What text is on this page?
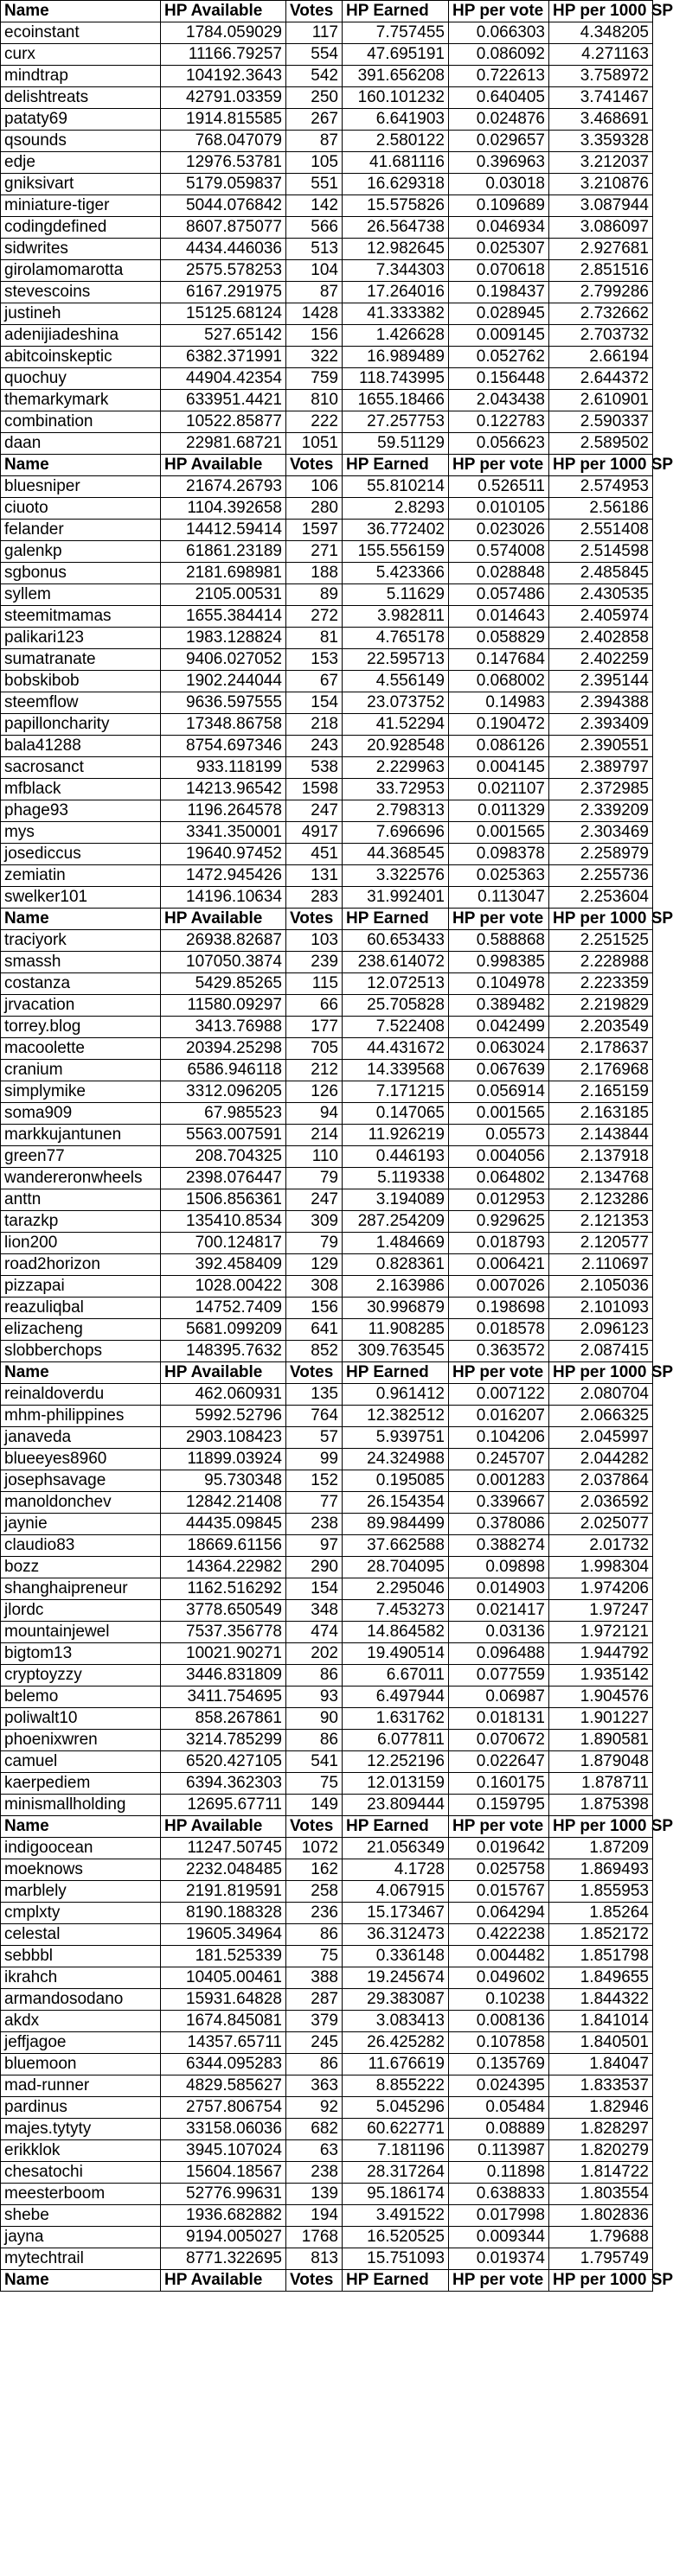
Name	HP Available	Votes	HP Earned	HP per vote	HP per 1000 SP
ecoinstant	1784.059029	117	7.757455	0.066303	4.348205
curx	11166.79257	554	47.695191	0.086092	4.271163
mindtrap	104192.3643	542	391.656208	0.722613	3.758972
delishtreats	42791.03359	250	160.101232	0.640405	3.741467
pataty69	1914.815585	267	6.641903	0.024876	3.468691
qsounds	768.047079	87	2.580122	0.029657	3.359328
edje	12976.53781	105	41.681116	0.396963	3.212037
gniksivart	5179.059837	551	16.629318	0.03018	3.210876
miniature-tiger	5044.076842	142	15.575826	0.109689	3.087944
codingdefined	8607.875077	566	26.564738	0.046934	3.086097
sidwrites	4434.446036	513	12.982645	0.025307	2.927681
girolamomarotta	2575.578253	104	7.344303	0.070618	2.851516
stevescoins	6167.291975	87	17.264016	0.198437	2.799286
justineh	15125.68124	1428	41.333382	0.028945	2.732662
adenijiadeshina	527.65142	156	1.426628	0.009145	2.703732
abitcoinskeptic	6382.371991	322	16.989489	0.052762	2.66194
quochuy	44904.42354	759	118.743995	0.156448	2.644372
themarkymark	633951.4421	810	1655.18466	2.043438	2.610901
combination	10522.85877	222	27.257753	0.122783	2.590337
daan	22981.68721	1051	59.51129	0.056623	2.589502
Name	HP Available	Votes	HP Earned	HP per vote	HP per 1000 SP
bluesniper	21674.26793	106	55.810214	0.526511	2.574953
ciuoto	1104.392658	280	2.8293	0.010105	2.56186
felander	14412.59414	1597	36.772402	0.023026	2.551408
galenkp	61861.23189	271	155.556159	0.574008	2.514598
sgbonus	2181.698981	188	5.423366	0.028848	2.485845
syllem	2105.00531	89	5.11629	0.057486	2.430535
steemitmamas	1655.384414	272	3.982811	0.014643	2.405974
palikari123	1983.128824	81	4.765178	0.058829	2.402858
sumatranate	9406.027052	153	22.595713	0.147684	2.402259
bobskibob	1902.244044	67	4.556149	0.068002	2.395144
steemflow	9636.597555	154	23.073752	0.14983	2.394388
papilloncharity	17348.86758	218	41.52294	0.190472	2.393409
bala41288	8754.697346	243	20.928548	0.086126	2.390551
sacrosanct	933.118199	538	2.229963	0.004145	2.389797
mfblack	14213.96542	1598	33.72953	0.021107	2.372985
phage93	1196.264578	247	2.798313	0.011329	2.339209
mys	3341.350001	4917	7.696696	0.001565	2.303469
josediccus	19640.97452	451	44.368545	0.098378	2.258979
zemiatin	1472.945426	131	3.322576	0.025363	2.255736
swelker101	14196.10634	283	31.992401	0.113047	2.253604
Name	HP Available	Votes	HP Earned	HP per vote	HP per 1000 SP
traciyork	26938.82687	103	60.653433	0.588868	2.251525
smassh	107050.3874	239	238.614072	0.998385	2.228988
costanza	5429.85265	115	12.072513	0.104978	2.223359
jrvacation	11580.09297	66	25.705828	0.389482	2.219829
torrey.blog	3413.76988	177	7.522408	0.042499	2.203549
macoolette	20394.25298	705	44.431672	0.063024	2.178637
cranium	6586.946118	212	14.339568	0.067639	2.176968
simplymike	3312.096205	126	7.171215	0.056914	2.165159
soma909	67.985523	94	0.147065	0.001565	2.163185
markkujantunen	5563.007591	214	11.926219	0.05573	2.143844
green77	208.704325	110	0.446193	0.004056	2.137918
wandereronwheels	2398.076447	79	5.119338	0.064802	2.134768
anttn	1506.856361	247	3.194089	0.012953	2.123286
tarazkp	135410.8534	309	287.254209	0.929625	2.121353
lion200	700.124817	79	1.484669	0.018793	2.120577
road2horizon	392.458409	129	0.828361	0.006421	2.110697
pizzapai	1028.00422	308	2.163986	0.007026	2.105036
reazuliqbal	14752.7409	156	30.996879	0.198698	2.101093
elizacheng	5681.099209	641	11.908285	0.018578	2.096123
slobberchops	148395.7632	852	309.763545	0.363572	2.087415
Name	HP Available	Votes	HP Earned	HP per vote	HP per 1000 SP
reinaldoverdu	462.060931	135	0.961412	0.007122	2.080704
mhm-philippines	5992.52796	764	12.382512	0.016207	2.066325
janaveda	2903.108423	57	5.939751	0.104206	2.045997
blueeyes8960	11899.03924	99	24.324988	0.245707	2.044282
josephsavage	95.730348	152	0.195085	0.001283	2.037864
manoldonchev	12842.21408	77	26.154354	0.339667	2.036592
jaynie	44435.09845	238	89.984499	0.378086	2.025077
claudio83	18669.61156	97	37.662588	0.388274	2.01732
bozz	14364.22982	290	28.704095	0.09898	1.998304
shanghaipreneur	1162.516292	154	2.295046	0.014903	1.974206
jlordc	3778.650549	348	7.453273	0.021417	1.97247
mountainjewel	7537.356778	474	14.864582	0.03136	1.972121
bigtom13	10021.90271	202	19.490514	0.096488	1.944792
cryptoyzzy	3446.831809	86	6.67011	0.077559	1.935142
belemo	3411.754695	93	6.497944	0.06987	1.904576
poliwalt10	858.267861	90	1.631762	0.018131	1.901227
phoenixwren	3214.785299	86	6.077811	0.070672	1.890581
camuel	6520.427105	541	12.252196	0.022647	1.879048
kaerpediem	6394.362303	75	12.013159	0.160175	1.878711
minismallholding	12695.67711	149	23.809444	0.159795	1.875398
Name	HP Available	Votes	HP Earned	HP per vote	HP per 1000 SP
indigoocean	11247.50745	1072	21.056349	0.019642	1.87209
moeknows	2232.048485	162	4.1728	0.025758	1.869493
marblely	2191.819591	258	4.067915	0.015767	1.855953
cmplxty	8190.188328	236	15.173467	0.064294	1.85264
celestal	19605.34964	86	36.312473	0.422238	1.852172
sebbbl	181.525339	75	0.336148	0.004482	1.851798
ikrahch	10405.00461	388	19.245674	0.049602	1.849655
armandosodano	15931.64828	287	29.383087	0.10238	1.844322
akdx	1674.845081	379	3.083413	0.008136	1.841014
jeffjagoe	14357.65711	245	26.425282	0.107858	1.840501
bluemoon	6344.095283	86	11.676619	0.135769	1.84047
mad-runner	4829.585627	363	8.855222	0.024395	1.833537
pardinus	2757.806754	92	5.045296	0.05484	1.82946
majes.tytyty	33158.06036	682	60.622771	0.08889	1.828297
erikklok	3945.107024	63	7.181196	0.113987	1.820279
chesatochi	15604.18567	238	28.317264	0.11898	1.814722
meesterboom	52776.99631	139	95.186174	0.638833	1.803554
shebe	1936.682882	194	3.491522	0.017998	1.802836
jayna	9194.005027	1768	16.520525	0.009344	1.79688
mytechtrail	8771.322695	813	15.751093	0.019374	1.795749
Name	HP Available	Votes	HP Earned	HP per vote	HP per 1000 SP
